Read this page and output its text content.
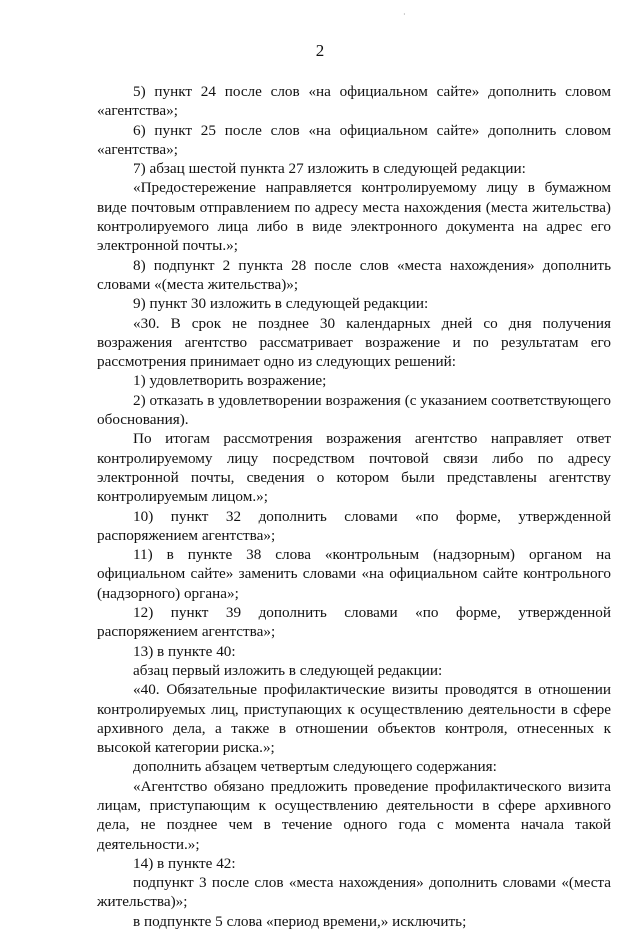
·
2

5) пункт 24 после слов «на официальном сайте» дополнить словом «агентства»;

6) пункт 25 после слов «на официальном сайте» дополнить словом «агентства»;

7) абзац шестой пункта 27 изложить в следующей редакции:

«Предостережение направляется контролируемому лицу в бумажном виде почтовым отправлением по адресу места нахождения (места жительства) контролируемого лица либо в виде электронного документа на адрес его электронной почты.»;

8) подпункт 2 пункта 28 после слов «места нахождения» дополнить словами «(места жительства)»;

9) пункт 30 изложить в следующей редакции:

«30. В срок не позднее 30 календарных дней со дня получения возражения агентство рассматривает возражение и по результатам его рассмотрения принимает одно из следующих решений:

1) удовлетворить возражение;

2) отказать в удовлетворении возражения (с указанием соответствующего обоснования).

По итогам рассмотрения возражения агентство направляет ответ контролируемому лицу посредством почтовой связи либо по адресу электронной почты, сведения о котором были представлены агентству контролируемым лицом.»;

10) пункт 32 дополнить словами «по форме, утвержденной распоряжением агентства»;

11) в пункте 38 слова «контрольным (надзорным) органом на официальном сайте» заменить словами «на официальном сайте контрольного (надзорного) органа»;

12) пункт 39 дополнить словами «по форме, утвержденной распоряжением агентства»;

13) в пункте 40:

абзац первый изложить в следующей редакции:

«40. Обязательные профилактические визиты проводятся в отношении контролируемых лиц, приступающих к осуществлению деятельности в сфере архивного дела, а также в отношении объектов контроля, отнесенных к высокой категории риска.»;

дополнить абзацем четвертым следующего содержания:

«Агентство обязано предложить проведение профилактического визита лицам, приступающим к осуществлению деятельности в сфере архивного дела, не позднее чем в течение одного года с момента начала такой деятельности.»;

14) в пункте 42:

подпункт 3 после слов «места нахождения» дополнить словами «(места жительства)»;

в подпункте 5 слова «период времени,» исключить;
